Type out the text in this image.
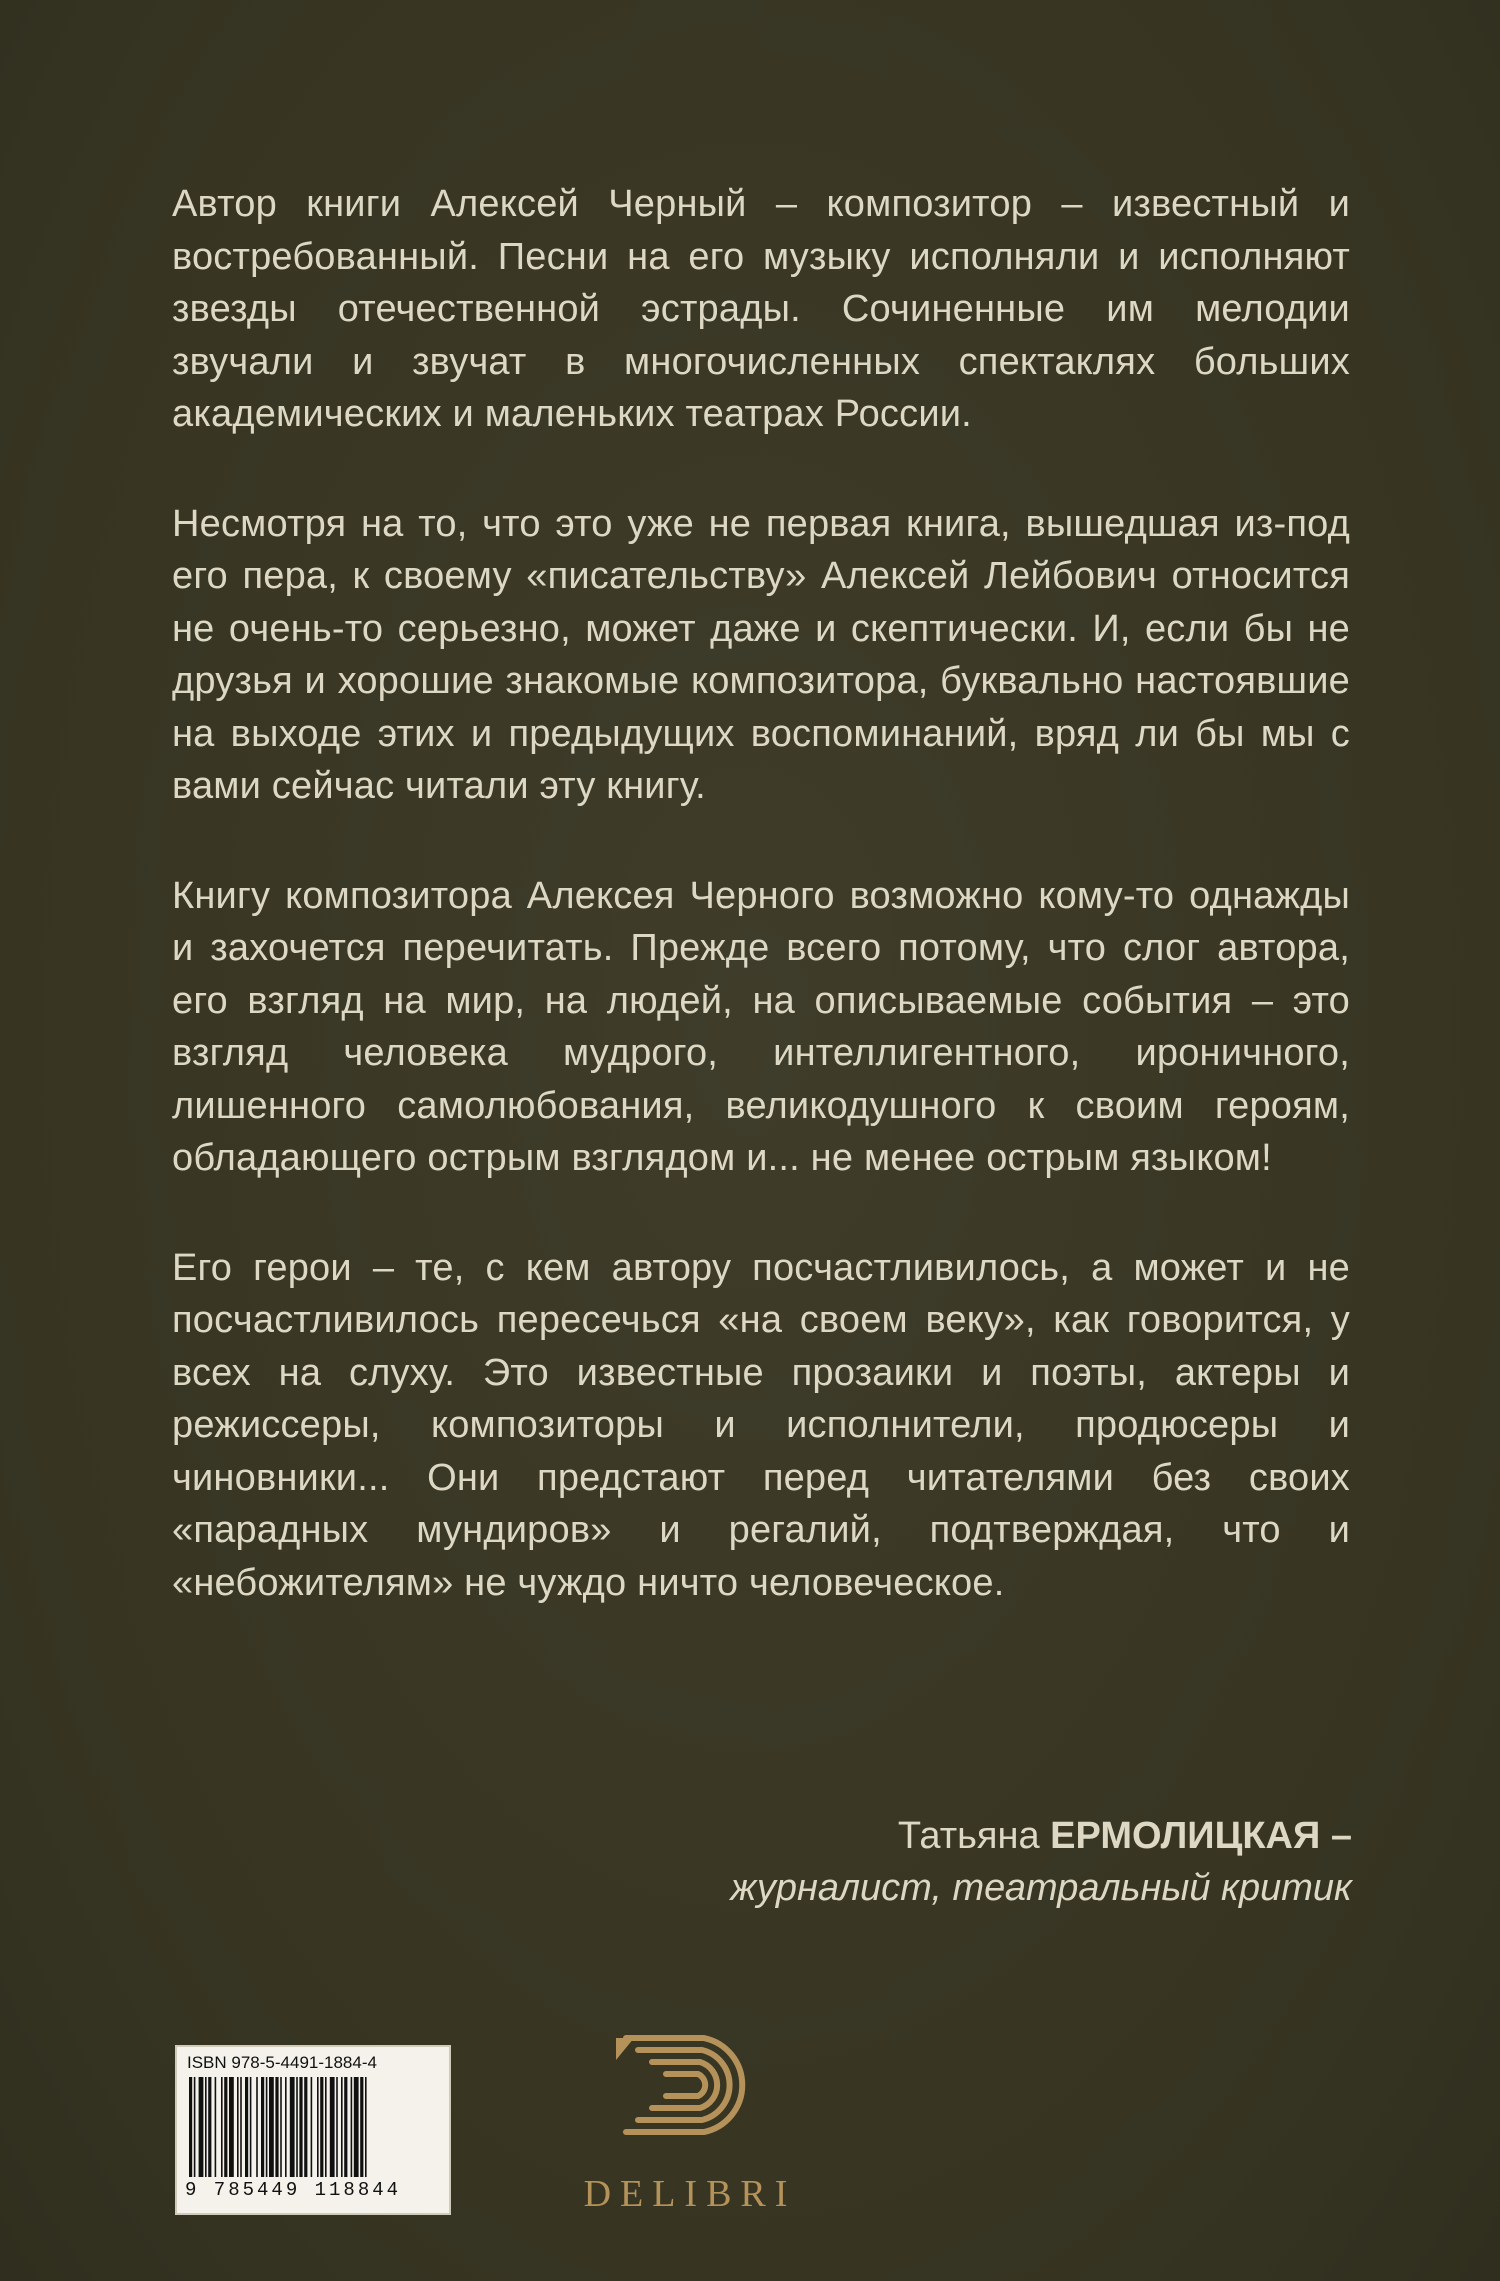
Автор книги Алексей Черный – композитор – известный и востребованный. Песни на его музыку исполняли и исполняют звезды отечественной эстрады. Сочиненные им мелодии звучали и звучат в многочисленных спектаклях больших академических и маленьких театрах России.

Несмотря на то, что это уже не первая книга, вышедшая из-под его пера, к своему «писательству» Алексей Лейбович относится не очень-то серьезно, может даже и скептически. И, если бы не друзья и хорошие знакомые композитора, буквально настоявшие на выходе этих и предыдущих воспоминаний, вряд ли бы мы с вами сейчас читали эту книгу.

Книгу композитора Алексея Черного возможно кому-то однажды и захочется перечитать. Прежде всего потому, что слог автора, его взгляд на мир, на людей, на описываемые события – это взгляд человека мудрого, интеллигентного, ироничного, лишенного самолюбования, великодушного к своим героям, обладающего острым взглядом и... не менее острым языком!

Его герои – те, с кем автору посчастливилось, а может и не посчастливилось пересечься «на своем веку», как говорится, у всех на слуху. Это известные прозаики и поэты, актеры и режиссеры, композиторы и исполнители, продюсеры и чиновники... Они предстают перед читателями без своих «парадных мундиров» и регалий, подтверждая, что и «небожителям» не чуждо ничто человеческое.

Татьяна ЕРМОЛИЦКАЯ –
журналист, театральный критик
ISBN 978-5-4491-1884-4
9 785449 118844	DELIBRI
